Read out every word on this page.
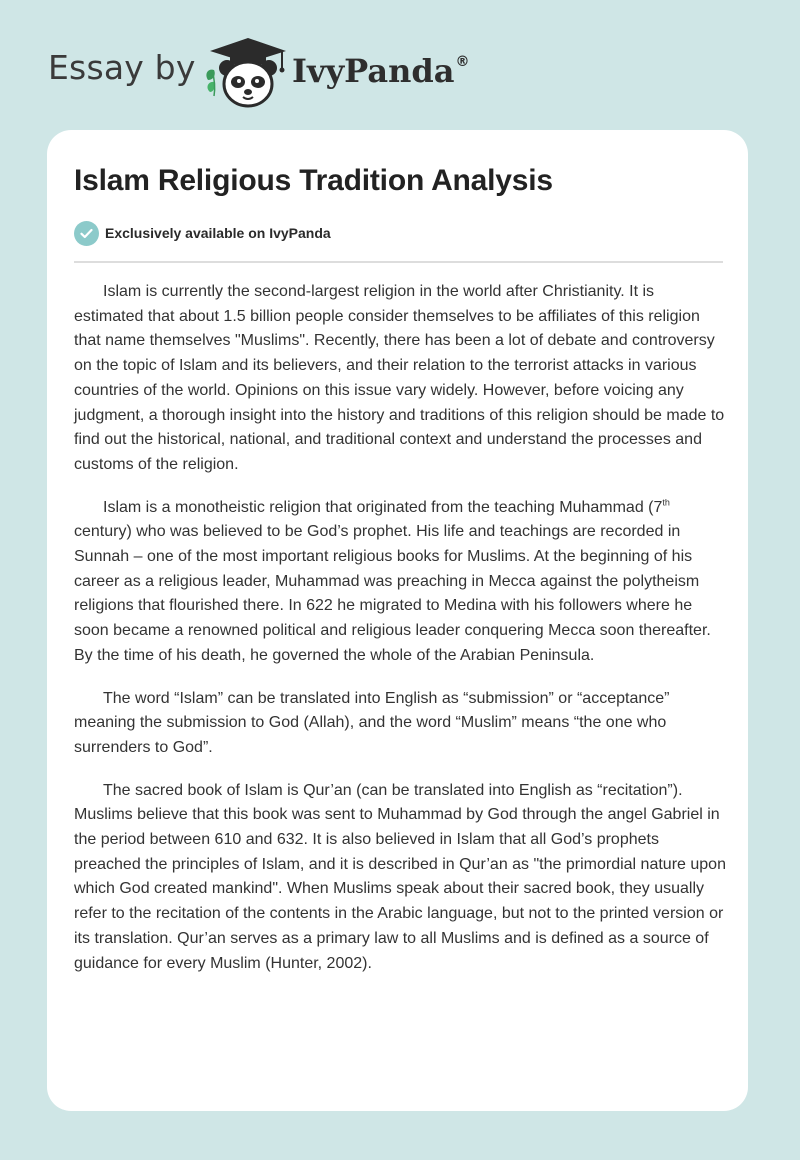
Essay by	IvyPanda®
Islam Religious Tradition Analysis
Exclusively available on IvyPanda

Islam is currently the second-largest religion in the world after Christianity. It is estimated that about 1.5 billion people consider themselves to be affiliates of this religion that name themselves "Muslims". Recently, there has been a lot of debate and controversy on the topic of Islam and its believers, and their relation to the terrorist attacks in various countries of the world. Opinions on this issue vary widely. However, before voicing any judgment, a thorough insight into the history and traditions of this religion should be made to find out the historical, national, and traditional context and understand the processes and customs of the religion.

Islam is a monotheistic religion that originated from the teaching Muhammad (7th century) who was believed to be God’s prophet. His life and teachings are recorded in Sunnah – one of the most important religious books for Muslims. At the beginning of his career as a religious leader, Muhammad was preaching in Mecca against the polytheism religions that flourished there. In 622 he migrated to Medina with his followers where he soon became a renowned political and religious leader conquering Mecca soon thereafter. By the time of his death, he governed the whole of the Arabian Peninsula.

The word “Islam” can be translated into English as “submission” or “acceptance” meaning the submission to God (Allah), and the word “Muslim” means “the one who surrenders to God”.

The sacred book of Islam is Qur’an (can be translated into English as “recitation”). Muslims believe that this book was sent to Muhammad by God through the angel Gabriel in the period between 610 and 632. It is also believed in Islam that all God’s prophets preached the principles of Islam, and it is described in Qur’an as "the primordial nature upon which God created mankind". When Muslims speak about their sacred book, they usually refer to the recitation of the contents in the Arabic language, but not to the printed version or its translation. Qur’an serves as a primary law to all Muslims and is defined as a source of guidance for every Muslim (Hunter, 2002).
